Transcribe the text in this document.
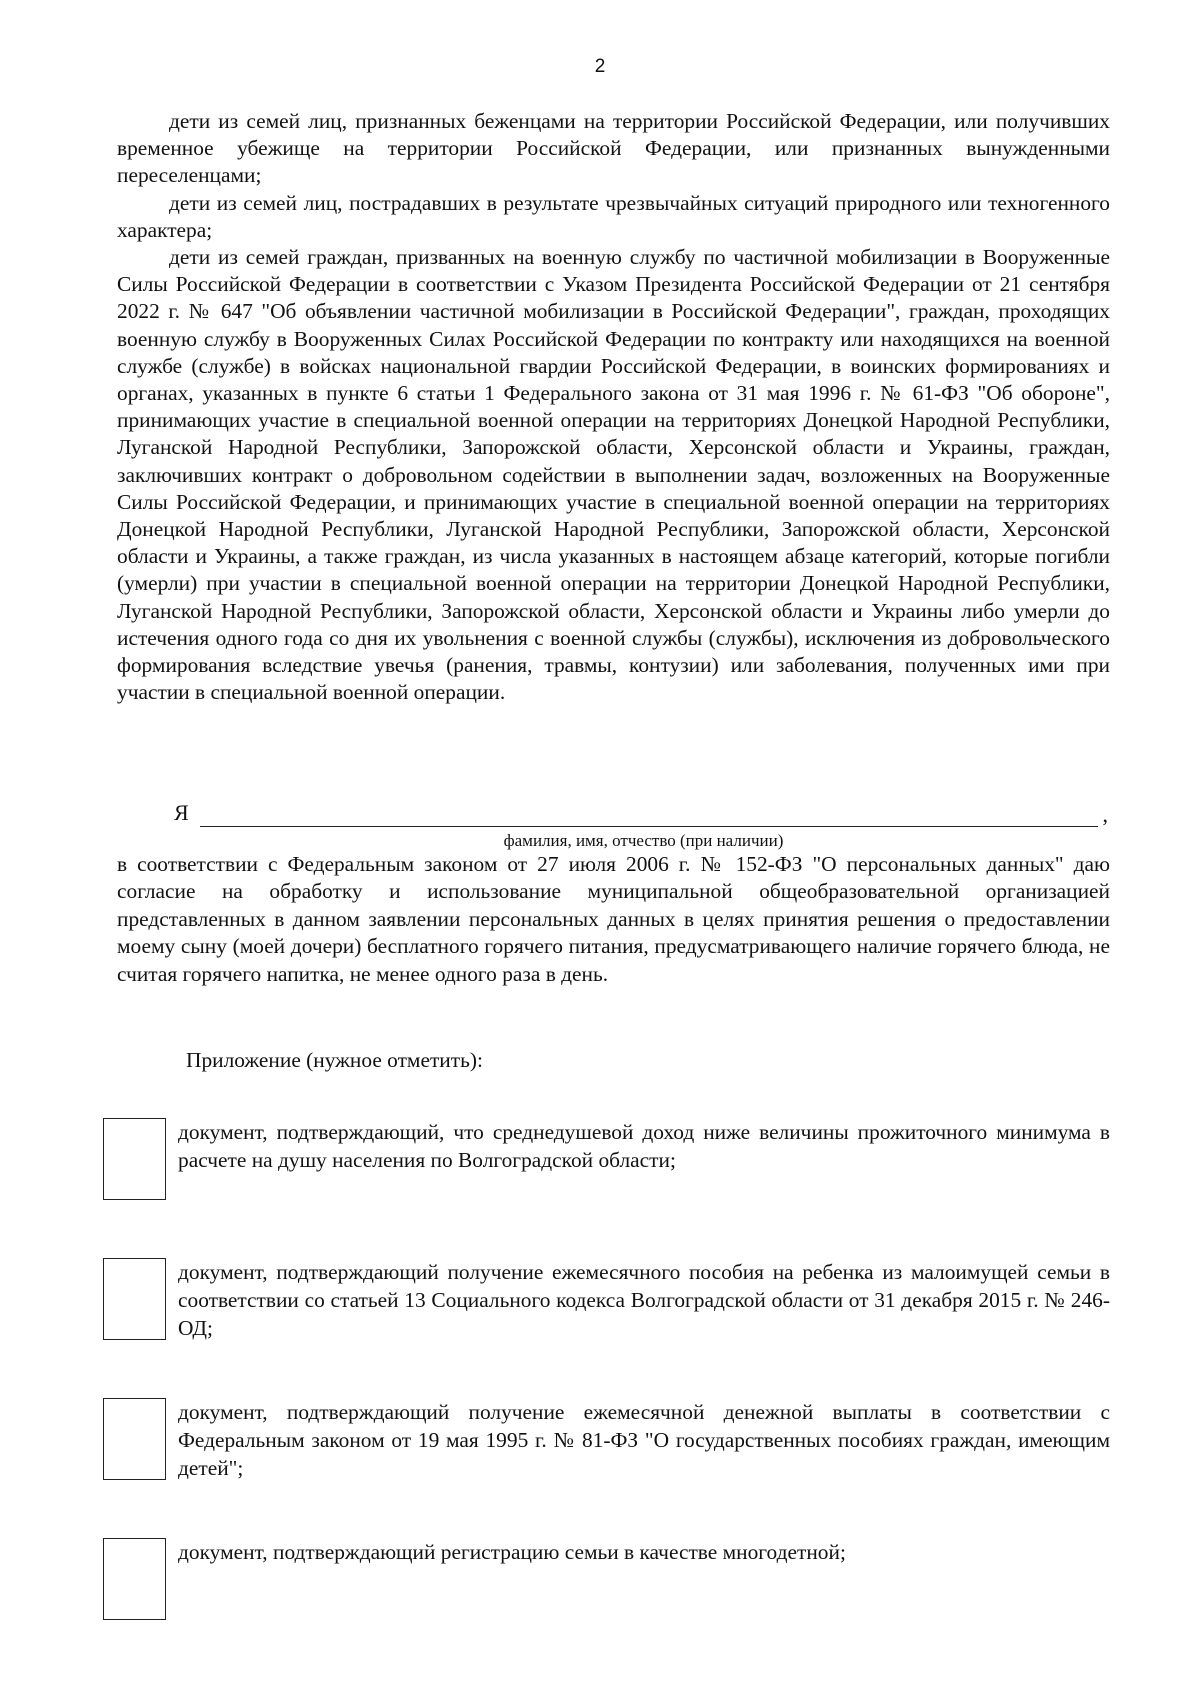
2

дети из семей лиц, признанных беженцами на территории Российской Федерации, или получивших временное убежище на территории Российской Федерации, или признанных вынужденными переселенцами;

дети из семей лиц, пострадавших в результате чрезвычайных ситуаций природного или техногенного характера;

дети из семей граждан, призванных на военную службу по частичной мобилизации в Вооруженные Силы Российской Федерации в соответствии с Указом Президента Российской Федерации от 21 сентября 2022 г. № 647 "Об объявлении частичной мобилизации в Российской Федерации", граждан, проходящих военную службу в Вооруженных Силах Российской Федерации по контракту или находящихся на военной службе (службе) в войсках национальной гвардии Российской Федерации, в воинских формированиях и органах, указанных в пункте 6 статьи 1 Федерального закона от 31 мая 1996 г. № 61-ФЗ "Об обороне", принимающих участие в специальной военной операции на территориях Донецкой Народной Республики, Луганской Народной Республики, Запорожской области, Херсонской области и Украины, граждан, заключивших контракт о добровольном содействии в выполнении задач, возложенных на Вооруженные Силы Российской Федерации, и принимающих участие в специальной военной операции на территориях Донецкой Народной Республики, Луганской Народной Республики, Запорожской области, Херсонской области и Украины, а также граждан, из числа указанных в настоящем абзаце категорий, которые погибли (умерли) при участии в специальной военной операции на территории Донецкой Народной Республики, Луганской Народной Республики, Запорожской области, Херсонской области и Украины либо умерли до истечения одного года со дня их увольнения с военной службы (службы), исключения из добровольческого формирования вследствие увечья (ранения, травмы, контузии) или заболевания, полученных ими при участии в специальной военной операции.

Я	,
фамилия, имя, отчество (при наличии)

в соответствии с Федеральным законом от 27 июля 2006 г. № 152-ФЗ "О персональных данных" даю согласие на обработку и использование муниципальной общеобразовательной организацией представленных в данном заявлении персональных данных в целях принятия решения о предоставлении моему сыну (моей дочери) бесплатного горячего питания, предусматривающего наличие горячего блюда, не считая горячего напитка, не менее одного раза в день.

Приложение (нужное отметить):

документ, подтверждающий, что среднедушевой доход ниже величины прожиточного минимума в расчете на душу населения по Волгоградской области;

документ, подтверждающий получение ежемесячного пособия на ребенка из малоимущей семьи в соответствии со статьей 13 Социального кодекса Волгоградской области от 31 декабря 2015 г. № 246-ОД;

документ, подтверждающий получение ежемесячной денежной выплаты в соответствии с Федеральным законом от 19 мая 1995 г. № 81-ФЗ "О государственных пособиях граждан, имеющим детей";

документ, подтверждающий регистрацию семьи в качестве многодетной;
